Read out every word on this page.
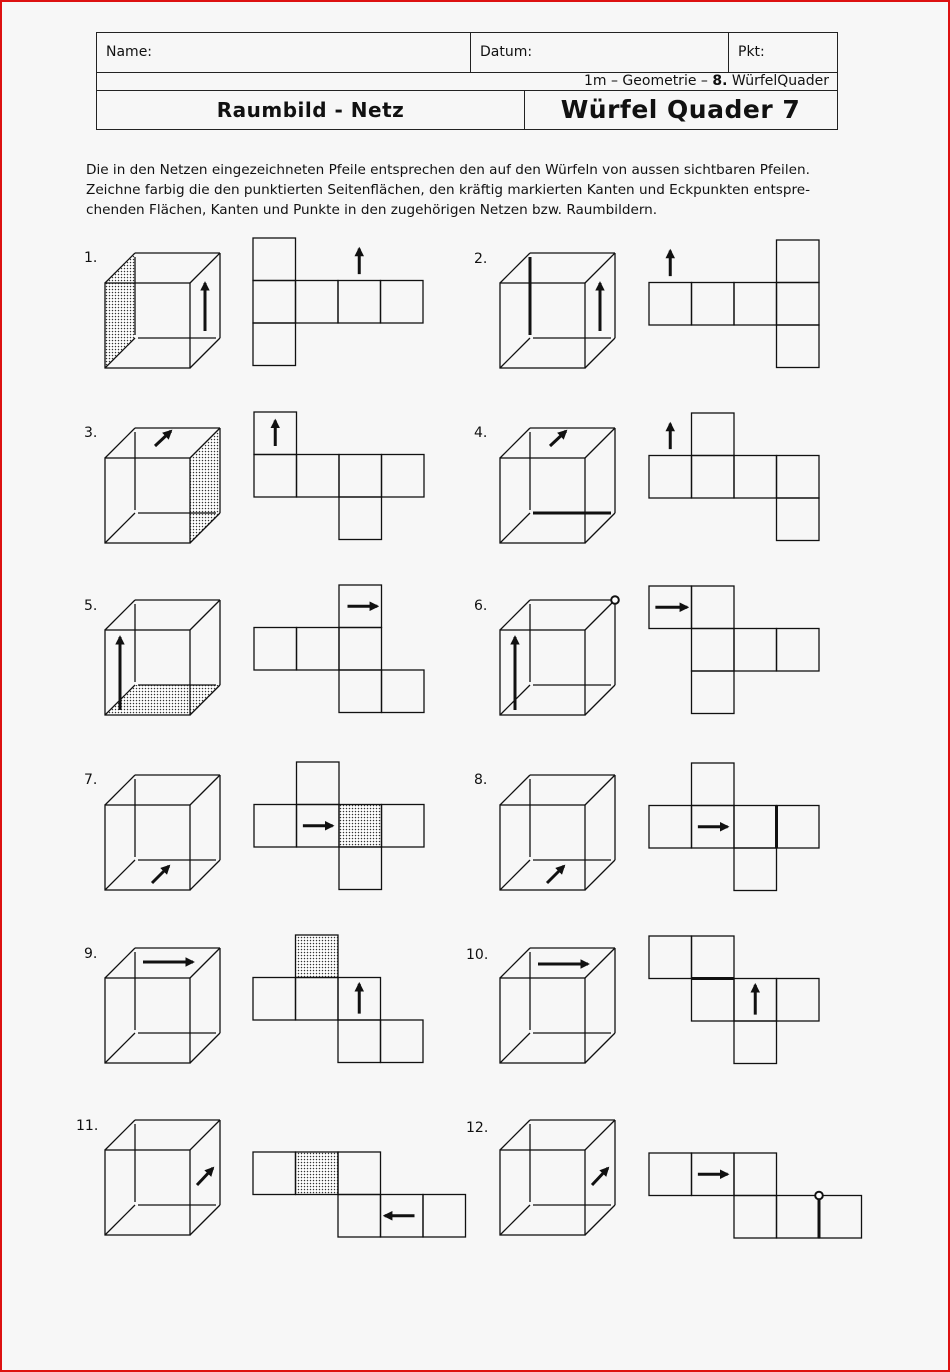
Name:	Datum:	Pkt:
1m – Geometrie – 8. WürfelQuader
Raumbild - Netz	Würfel Quader 7
Die in den Netzen eingezeichneten Pfeile entsprechen den auf den Würfeln von aussen sichtbaren Pfeilen.
Zeichne farbig die den punktierten Seitenflächen, den kräftig markierten Kanten und Eckpunkten entspre-
chenden Flächen, Kanten und Punkte in den zugehörigen Netzen bzw. Raumbildern.
1.	2.
3.	4.
5.	6.
7.	8.
9.	10.
11.	12.
